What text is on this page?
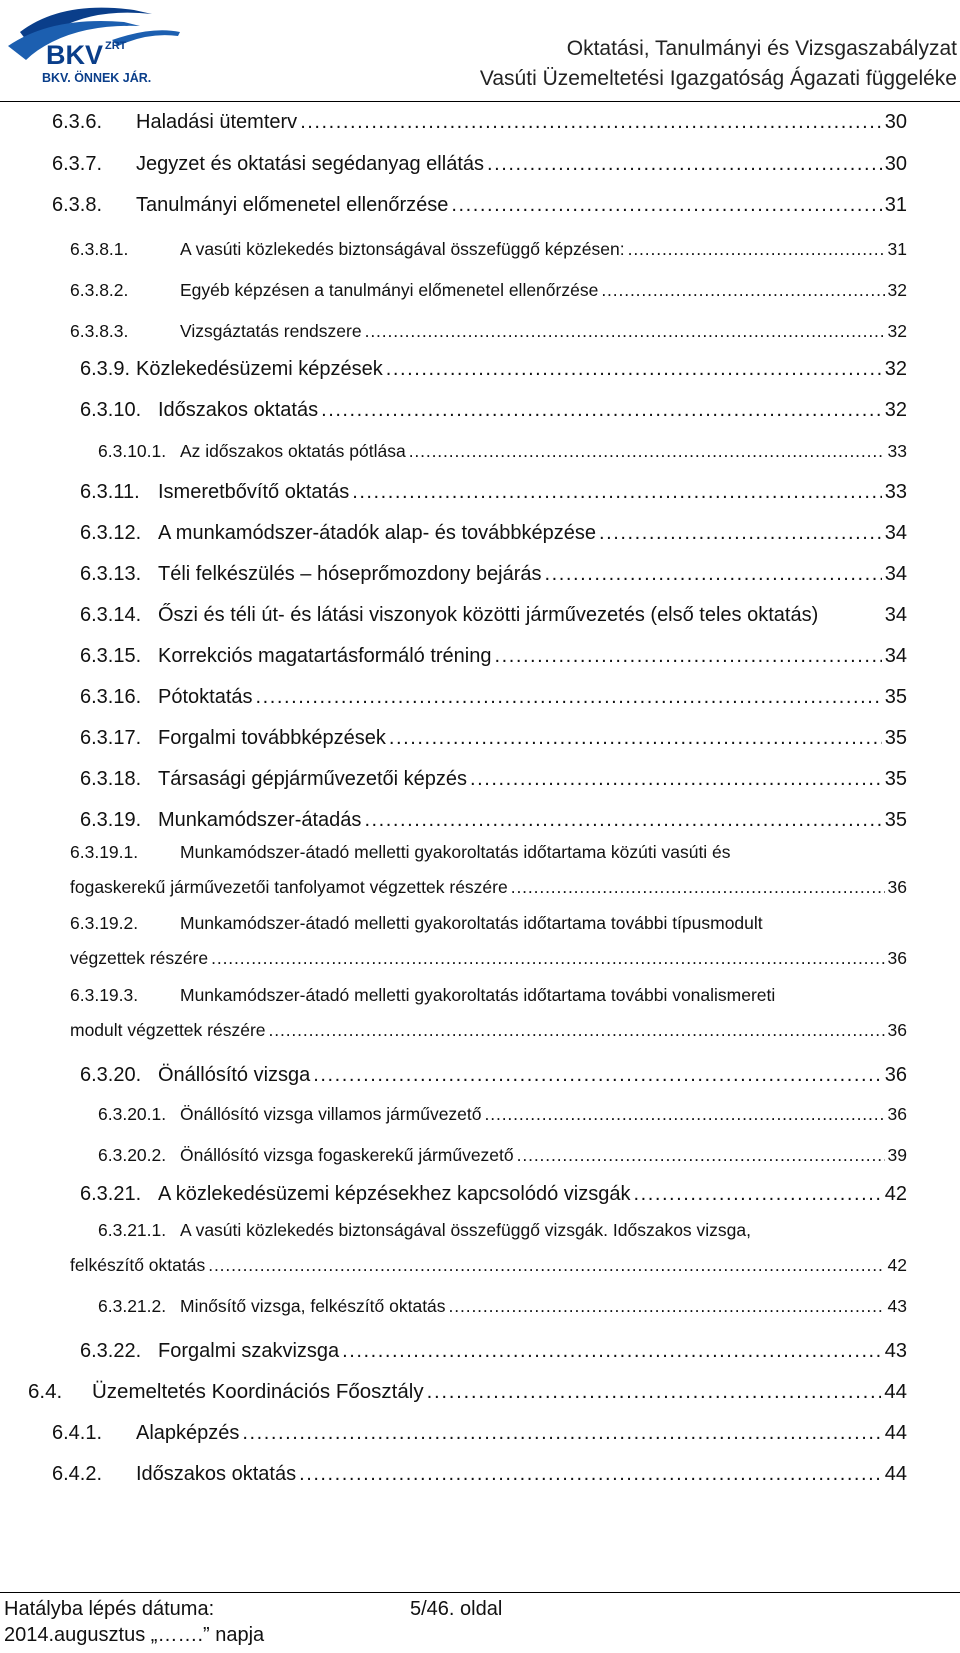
BKV ZRT
BKV. ÖNNEK JÁR.
Oktatási, Tanulmányi és Vizsgaszabályzat
Vasúti Üzemeltetési Igazgatóság Ágazati függeléke
6.3.6.	Haladási ütemterv . . .	30
6.3.7.	Jegyzet és oktatási segédanyag ellátás . . .	30
6.3.8.	Tanulmányi előmenetel ellenőrzése . . .	31
6.3.8.1.	A vasúti közlekedés biztonságával összefüggő képzésen: . . .	31
6.3.8.2.	Egyéb képzésen a tanulmányi előmenetel ellenőrzése . . .	32
6.3.8.3.	Vizsgáztatás rendszere . . .	32
6.3.9. Közlekedésüzemi képzések . . .	32
6.3.10. Időszakos oktatás . . .	32
6.3.10.1. Az időszakos oktatás pótlása . . .	33
6.3.11. Ismeretbővítő oktatás . . .	33
6.3.12. A munkamódszer-átadók alap- és továbbképzése . . .	34
6.3.13. Téli felkészülés – hóseprőmozdony bejárás . . .	34
6.3.14. Őszi és téli út- és látási viszonyok közötti járművezetés (első teles oktatás)	34
6.3.15. Korrekciós magatartásformáló tréning . . .	34
6.3.16. Pótoktatás . . .	35
6.3.17. Forgalmi továbbképzések . . .	35
6.3.18. Társasági gépjárművezetői képzés . . .	35
6.3.19. Munkamódszer-átadás . . .	35
6.3.19.1. Munkamódszer-átadó melletti gyakoroltatás időtartama közúti vasúti és
fogaskerekű járművezetői tanfolyamot végzettek részére . . .	36
6.3.19.2. Munkamódszer-átadó melletti gyakoroltatás időtartama további típusmodult
végzettek részére . . .	36
6.3.19.3. Munkamódszer-átadó melletti gyakoroltatás időtartama további vonalismereti
modult végzettek részére . . .	36
6.3.20. Önállósító vizsga . . .	36
6.3.20.1. Önállósító vizsga villamos járművezető . . .	36
6.3.20.2. Önállósító vizsga fogaskerekű járművezető . . .	39
6.3.21. A közlekedésüzemi képzésekhez kapcsolódó vizsgák . . .	42
6.3.21.1. A vasúti közlekedés biztonságával összefüggő vizsgák. Időszakos vizsga,
felkészítő oktatás . . .	42
6.3.21.2. Minősítő vizsga, felkészítő oktatás . . .	43
6.3.22. Forgalmi szakvizsga . . .	43
6.4.	Üzemeltetés Koordinációs Főosztály . . .	44
6.4.1.	Alapképzés . . .	44
6.4.2.	Időszakos oktatás . . .	44
Hatályba lépés dátuma:
2014.augusztus „…….” napja
5/46. oldal
